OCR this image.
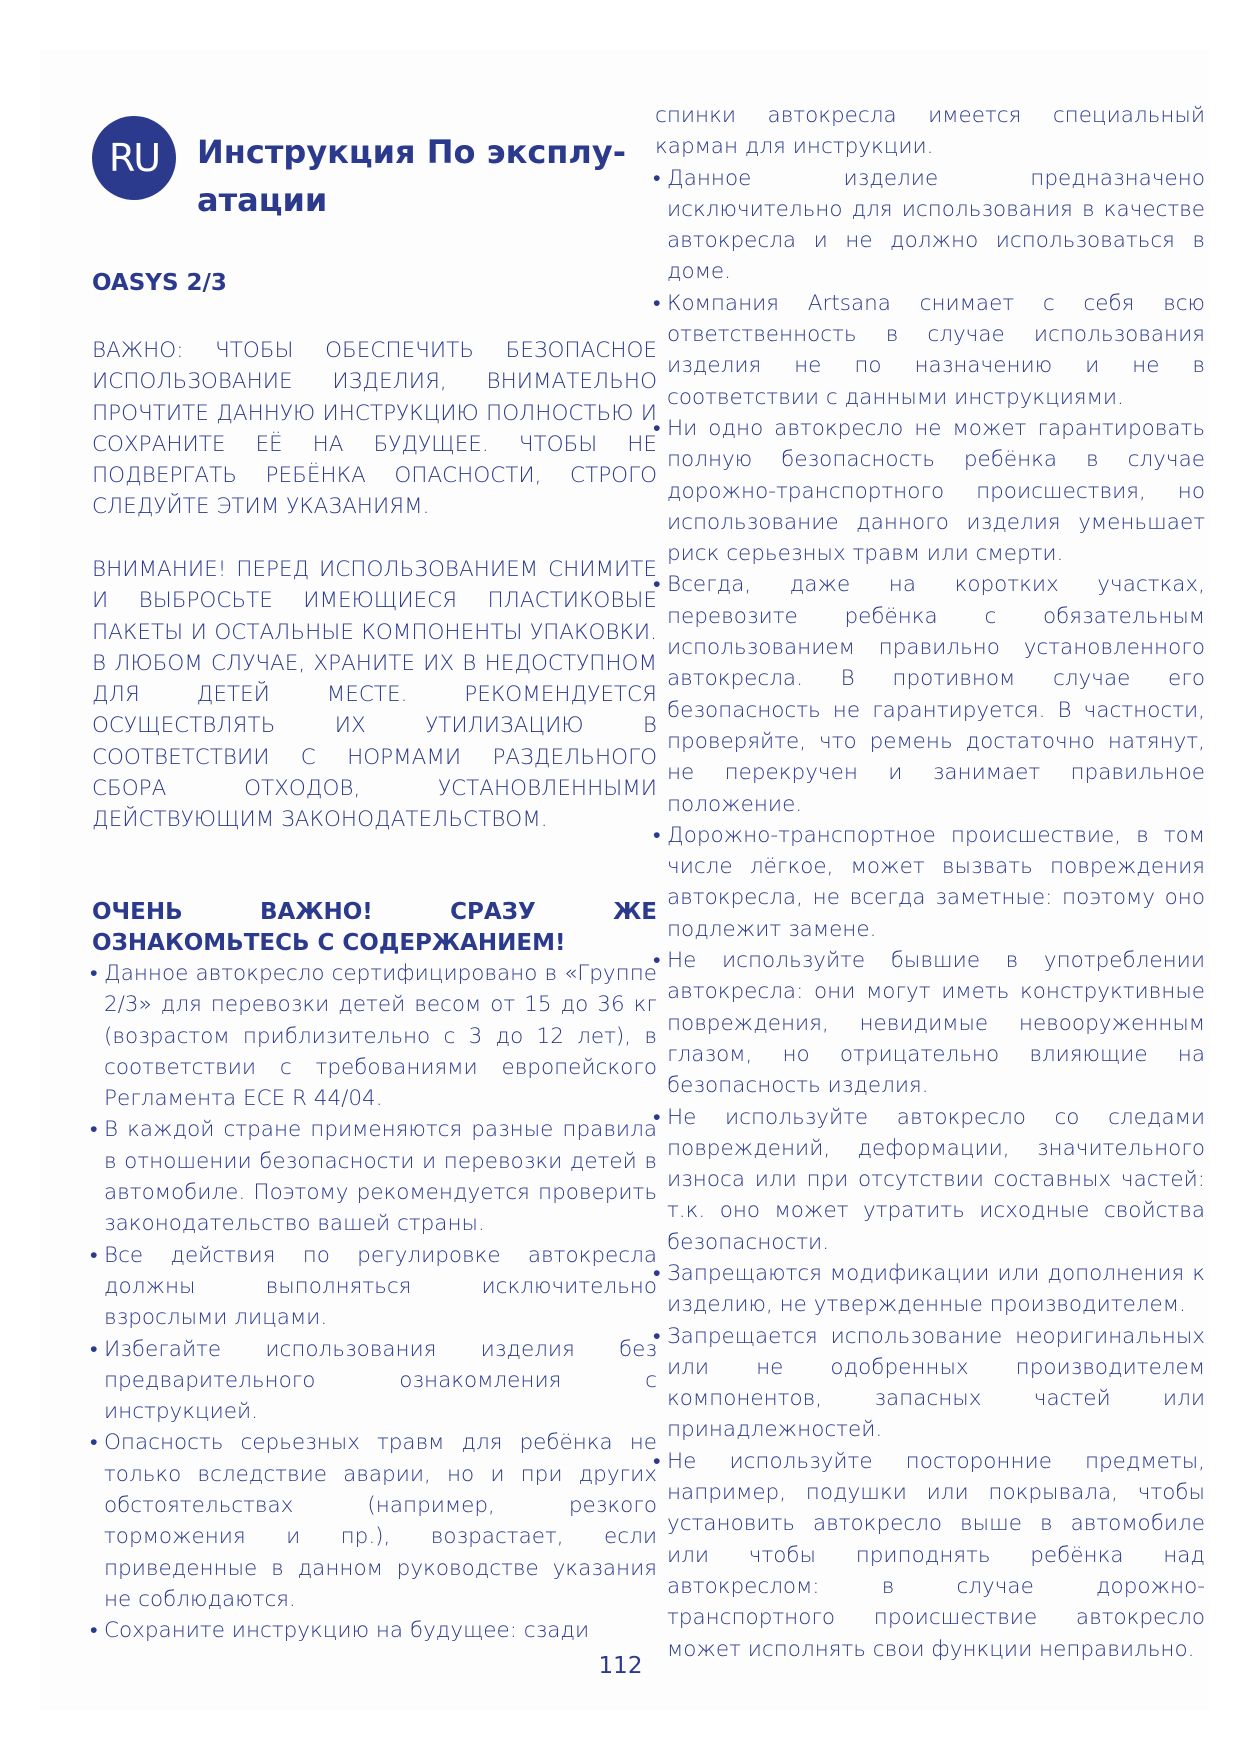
RU Инструкция По эксплу-атации
OASYS 2/3
ВАЖНО: ЧТОБЫ ОБЕСПЕЧИТЬ БЕЗОПАСНОЕ ИСПОЛЬЗОВАНИЕ ИЗДЕЛИЯ, ВНИМАТЕЛЬНО ПРОЧТИТЕ ДАННУЮ ИНСТРУКЦИЮ ПОЛНОСТЬЮ И СОХРАНИТЕ ЕЁ НА БУДУЩЕЕ. ЧТОБЫ НЕ ПОДВЕРГАТЬ РЕБЁНКА ОПАСНОСТИ, СТРОГО СЛЕДУЙТЕ ЭТИМ УКАЗАНИЯМ.
ВНИМАНИЕ! ПЕРЕД ИСПОЛЬЗОВАНИЕМ СНИМИТЕ И ВЫБРОСЬТЕ ИМЕЮЩИЕСЯ ПЛАСТИКОВЫЕ ПАКЕТЫ И ОСТАЛЬНЫЕ КОМПОНЕНТЫ УПАКОВКИ. В ЛЮБОМ СЛУЧАЕ, ХРАНИТЕ ИХ В НЕДОСТУПНОМ ДЛЯ ДЕТЕЙ МЕСТЕ. РЕКОМЕНДУЕТСЯ ОСУЩЕСТВЛЯТЬ ИХ УТИЛИЗАЦИЮ В СООТВЕТСТВИИ С НОРМАМИ РАЗДЕЛЬНОГО СБОРА ОТХОДОВ, УСТАНОВЛЕННЫМИ ДЕЙСТВУЮЩИМ ЗАКОНОДАТЕЛЬСТВОМ.
ОЧЕНЬ ВАЖНО! СРАЗУ ЖЕ
ОЗНАКОМЬТЕСЬ С СОДЕРЖАНИЕМ!
• Данное автокресло сертифицировано в «Группе 2/3» для перевозки детей весом от 15 до 36 кг (возрастом приблизительно с 3 до 12 лет), в соответствии с требованиями европейского Регламента ECE R 44/04.
• В каждой стране применяются разные правила в отношении безопасности и перевозки детей в автомобиле. Поэтому рекомендуется проверить законодательство вашей страны.
• Все действия по регулировке автокресла должны выполняться исключительно взрослыми лицами.
• Избегайте использования изделия без предварительного ознакомления с инструкцией.
• Опасность серьезных травм для ребёнка не только вследствие аварии, но и при других обстоятельствах (например, резкого торможения и пр.), возрастает, если приведенные в данном руководстве указания не соблюдаются.
• Сохраните инструкцию на будущее: сзади
спинки автокресла имеется специальный карман для инструкции.
• Данное изделие предназначено исключительно для использования в качестве автокресла и не должно использоваться в доме.
• Компания Artsana снимает с себя всю ответственность в случае использования изделия не по назначению и не в соответствии с данными инструкциями.
• Ни одно автокресло не может гарантировать полную безопасность ребёнка в случае дорожно-транспортного происшествия, но использование данного изделия уменьшает риск серьезных травм или смерти.
• Всегда, даже на коротких участках, перевозите ребёнка с обязательным использованием правильно установленного автокресла. В противном случае его безопасность не гарантируется. В частности, проверяйте, что ремень достаточно натянут, не перекручен и занимает правильное положение.
• Дорожно-транспортное происшествие, в том числе лёгкое, может вызвать повреждения автокресла, не всегда заметные: поэтому оно подлежит замене.
• Не используйте бывшие в употреблении автокресла: они могут иметь конструктивные повреждения, невидимые невооруженным глазом, но отрицательно влияющие на безопасность изделия.
• Не используйте автокресло со следами повреждений, деформации, значительного износа или при отсутствии составных частей: т.к. оно может утратить исходные свойства безопасности.
• Запрещаются модификации или дополнения к изделию, не утвержденные производителем.
• Запрещается использование неоригинальных или не одобренных производителем компонентов, запасных частей или принадлежностей.
• Не используйте посторонние предметы, например, подушки или покрывала, чтобы установить автокресло выше в автомобиле или чтобы приподнять ребёнка над автокреслом: в случае дорожно-транспортного происшествие автокресло может исполнять свои функции неправильно.
112
